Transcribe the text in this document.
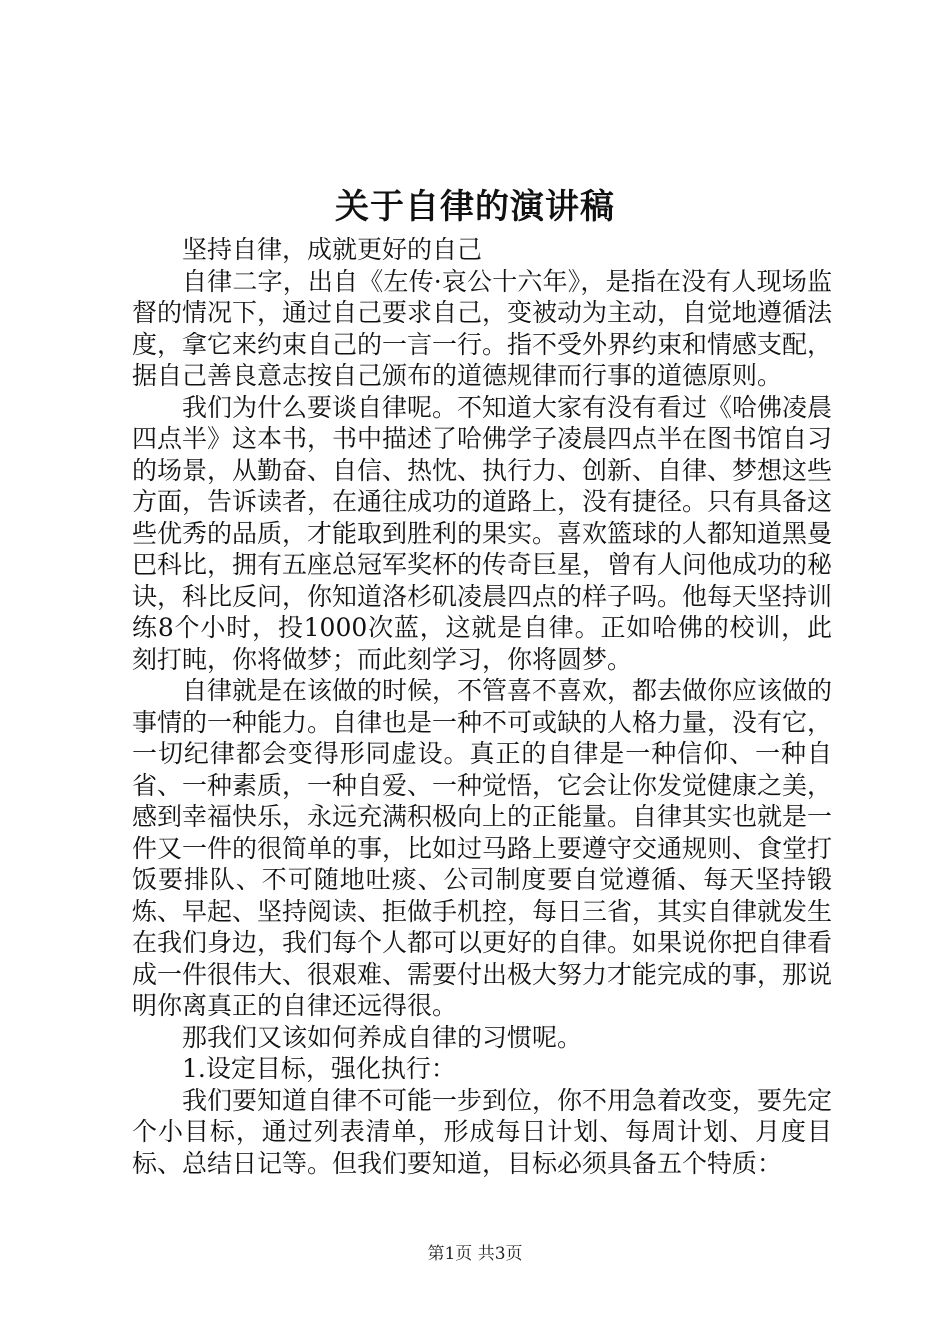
关于自律的演讲稿

坚持自律，成就更好的自己

自律二字，出自《左传·哀公十六年》，是指在没有人现场监督的情况下，通过自己要求自己，变被动为主动，自觉地遵循法度，拿它来约束自己的一言一行。指不受外界约束和情感支配，据自己善良意志按自己颁布的道德规律而行事的道德原则。

我们为什么要谈自律呢。不知道大家有没有看过《哈佛凌晨四点半》这本书，书中描述了哈佛学子凌晨四点半在图书馆自习的场景，从勤奋、自信、热忱、执行力、创新、自律、梦想这些方面，告诉读者，在通往成功的道路上，没有捷径。只有具备这些优秀的品质，才能取到胜利的果实。喜欢篮球的人都知道黑曼巴科比，拥有五座总冠军奖杯的传奇巨星，曾有人问他成功的秘诀，科比反问，你知道洛杉矶凌晨四点的样子吗。他每天坚持训练8个小时，投1000次蓝，这就是自律。正如哈佛的校训，此刻打盹，你将做梦；而此刻学习，你将圆梦。

自律就是在该做的时候，不管喜不喜欢，都去做你应该做的事情的一种能力。自律也是一种不可或缺的人格力量，没有它，一切纪律都会变得形同虚设。真正的自律是一种信仰、一种自省、一种素质，一种自爱、一种觉悟，它会让你发觉健康之美，感到幸福快乐，永远充满积极向上的正能量。自律其实也就是一件又一件的很简单的事，比如过马路上要遵守交通规则、食堂打饭要排队、不可随地吐痰、公司制度要自觉遵循、每天坚持锻炼、早起、坚持阅读、拒做手机控，每日三省，其实自律就发生在我们身边，我们每个人都可以更好的自律。如果说你把自律看成一件很伟大、很艰难、需要付出极大努力才能完成的事，那说明你离真正的自律还远得很。

那我们又该如何养成自律的习惯呢。

1.设定目标，强化执行：

我们要知道自律不可能一步到位，你不用急着改变，要先定个小目标，通过列表清单，形成每日计划、每周计划、月度目标、总结日记等。但我们要知道，目标必须具备五个特质：

第1页 共3页
